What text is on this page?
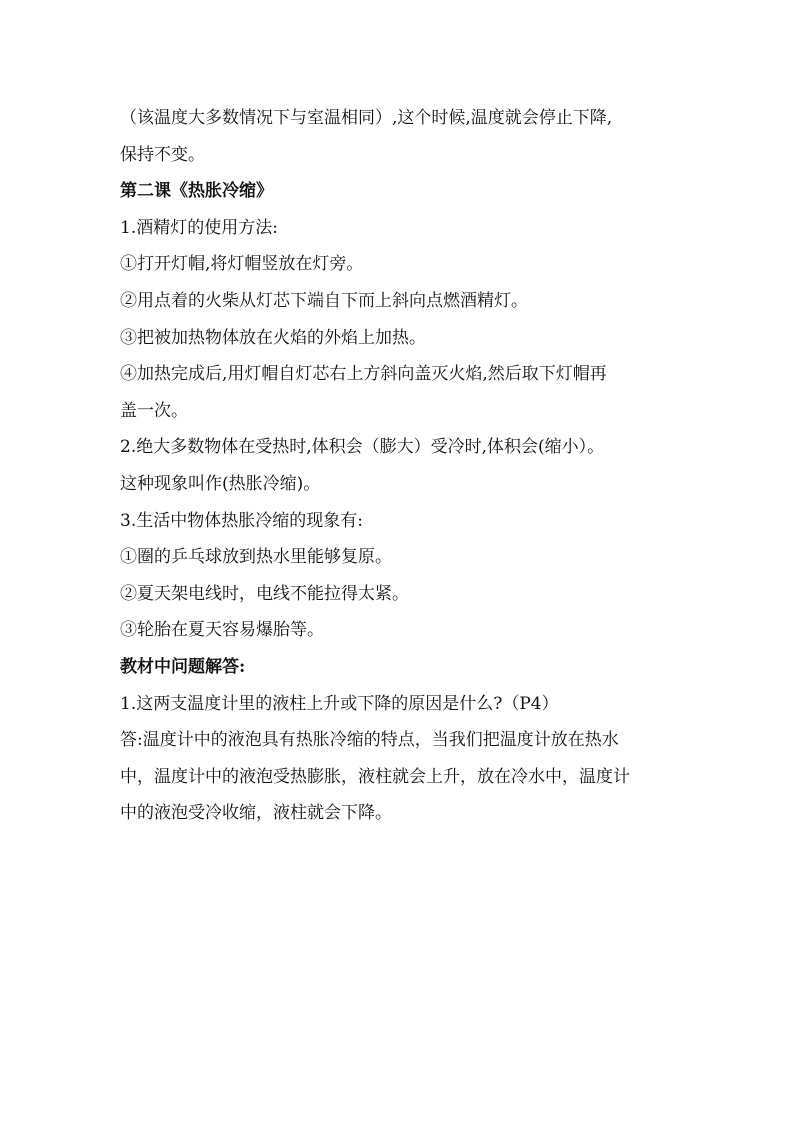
（该温度大多数情况下与室温相同）,这个时候,温度就会停止下降,

保持不变。

第二课《热胀冷缩》

1.酒精灯的使用方法:

①打开灯帽,将灯帽竖放在灯旁。

②用点着的火柴从灯芯下端自下而上斜向点燃酒精灯。

③把被加热物体放在火焰的外焰上加热。

④加热完成后,用灯帽自灯芯右上方斜向盖灭火焰,然后取下灯帽再

盖一次。

2.绝大多数物体在受热时,体积会（膨大）受冷时,体积会(缩小）。

这种现象叫作(热胀冷缩)。

3.生活中物体热胀冷缩的现象有:

①圈的乒乓球放到热水里能够复原。

②夏天架电线时，电线不能拉得太紧。

③轮胎在夏天容易爆胎等。

教材中问题解答:

1.这两支温度计里的液柱上升或下降的原因是什么?（P4）

答:温度计中的液泡具有热胀冷缩的特点，当我们把温度计放在热水

中，温度计中的液泡受热膨胀，液柱就会上升，放在冷水中，温度计

中的液泡受冷收缩，液柱就会下降。
